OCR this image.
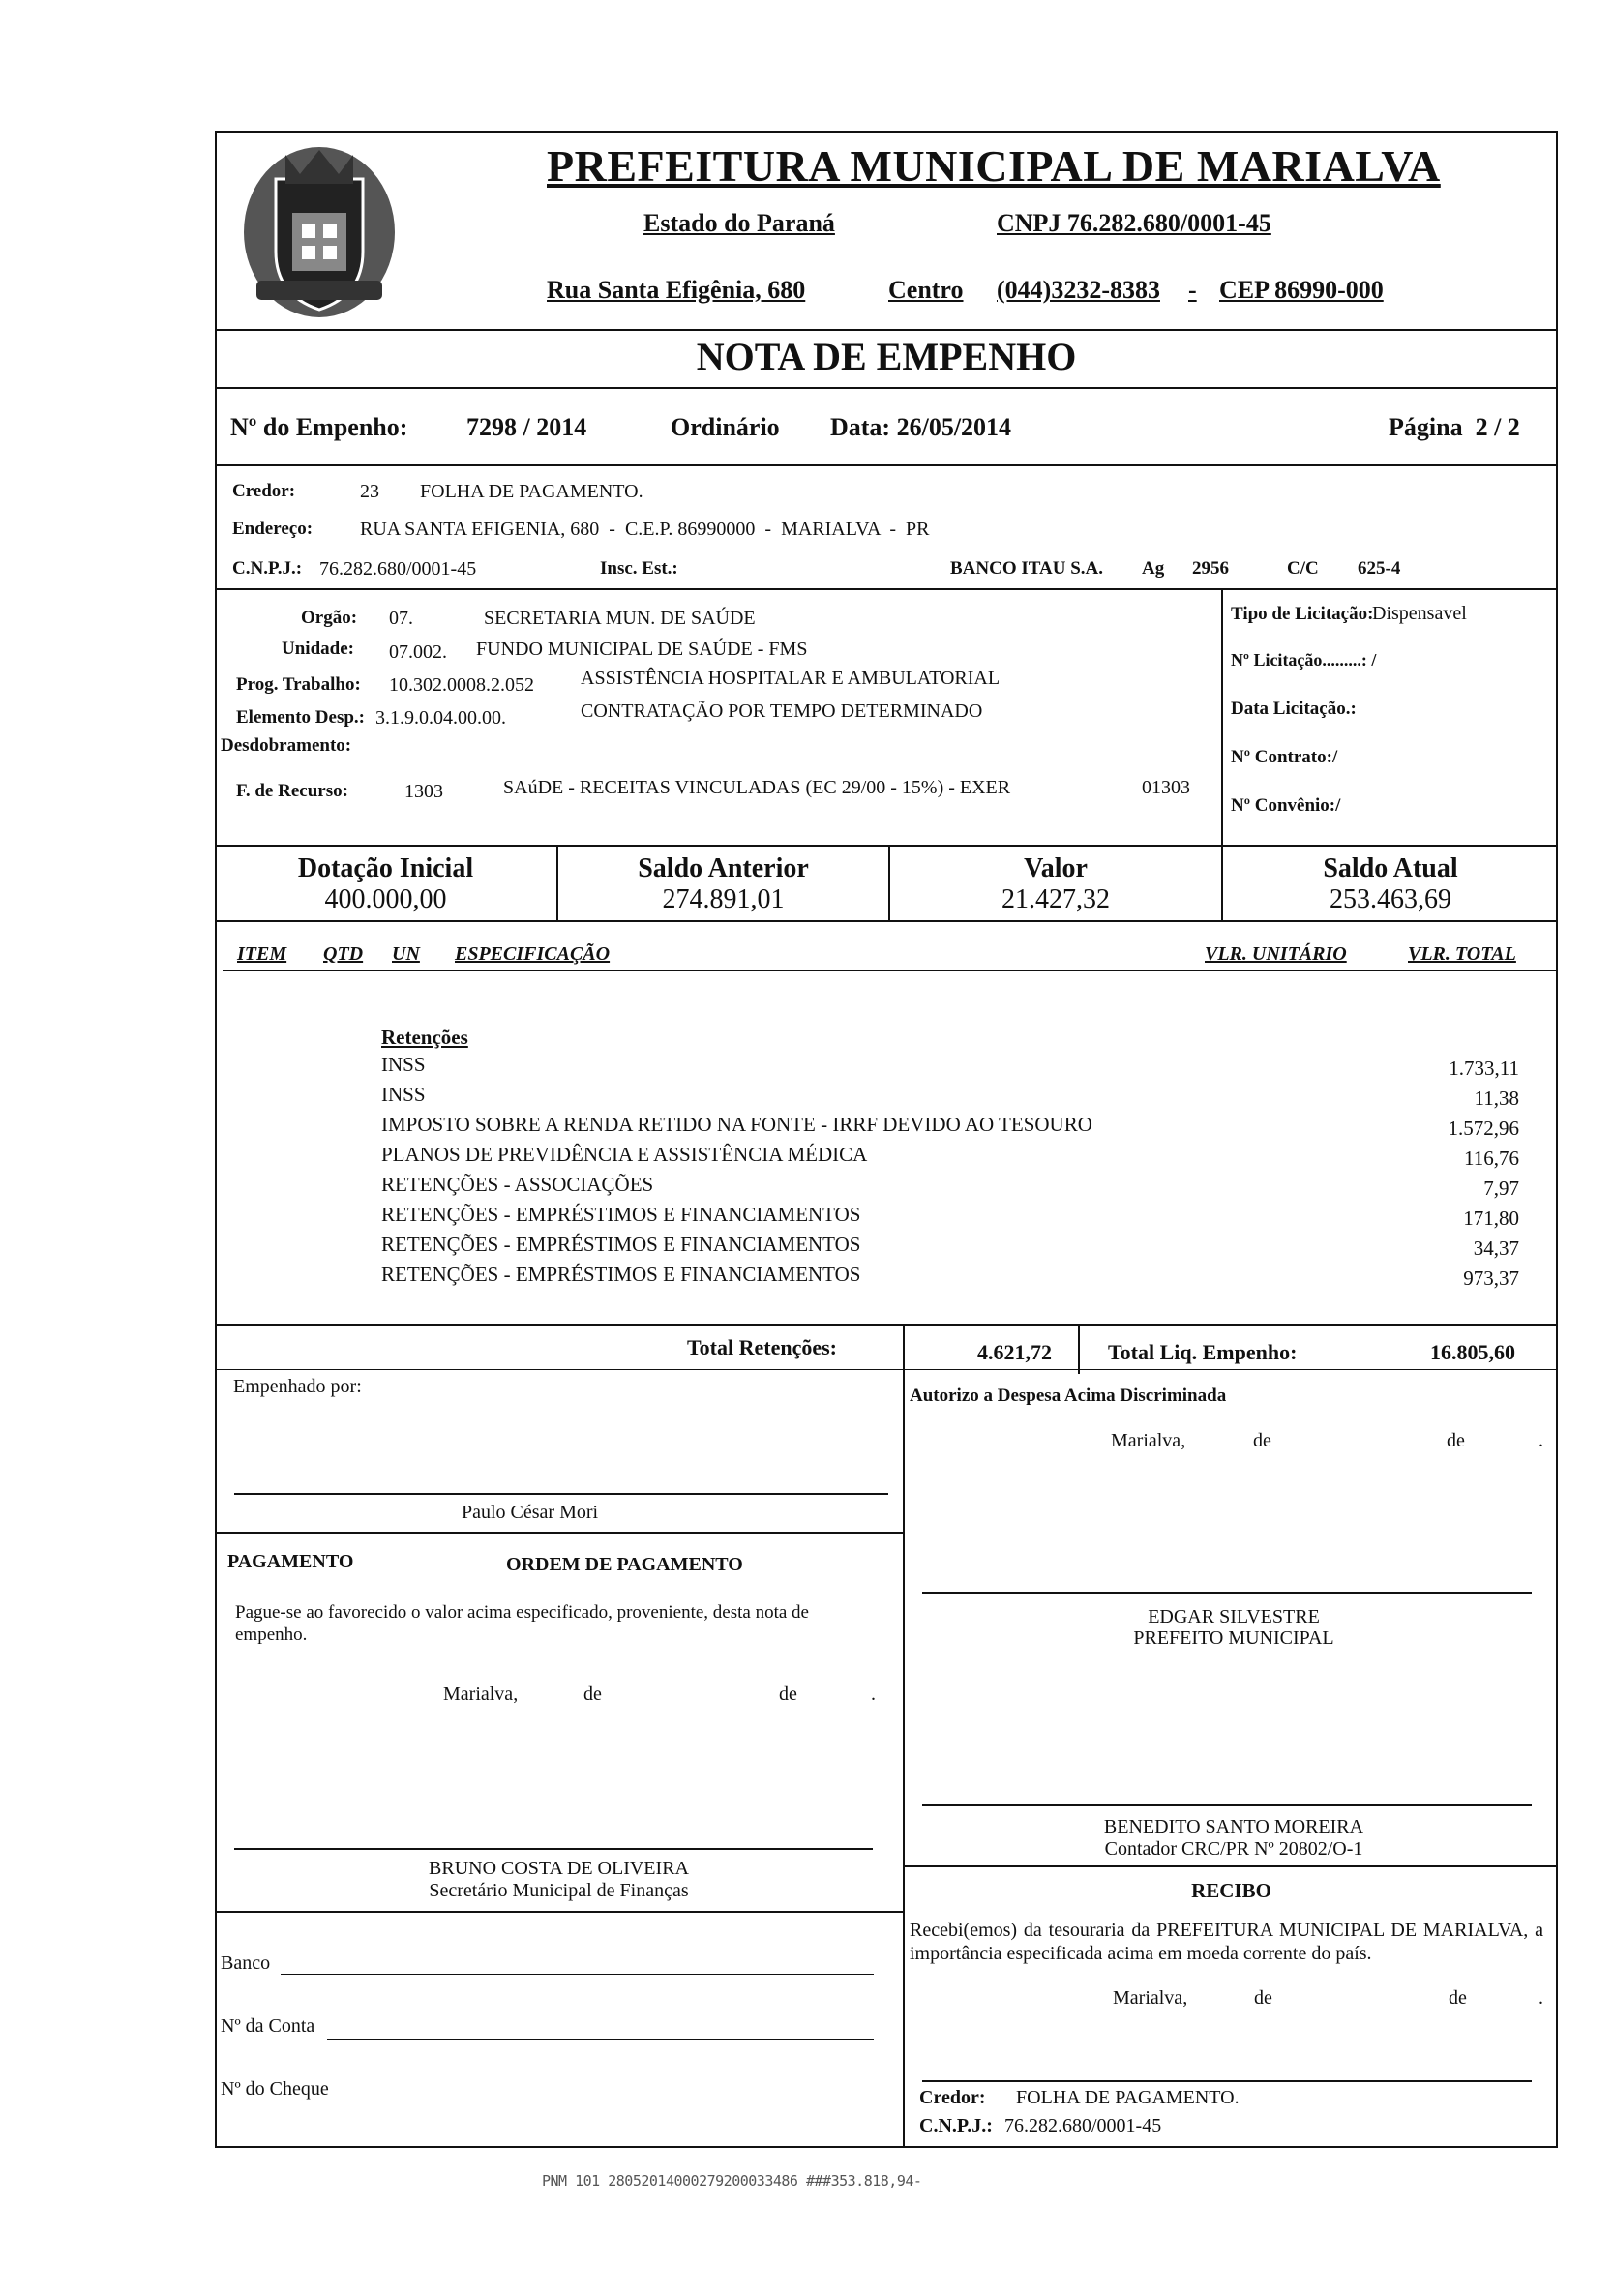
PREFEITURA MUNICIPAL DE MARIALVA
Estado do Paraná	CNPJ 76.282.680/0001-45
Rua Santa Efigênia, 680	Centro (044)3232-8383 - CEP 86990-000
NOTA DE EMPENHO
Nº do Empenho: 7298 / 2014	Ordinário Data: 26/05/2014	Página  2 / 2
Credor:	23 FOLHA DE PAGAMENTO.
Endereço: RUA SANTA EFIGENIA, 680  -  C.E.P. 86990000  -  MARIALVA  -  PR
C.N.P.J.: 76.282.680/0001-45	Insc. Est.:	BANCO ITAU S.A. Ag 2956	C/C 625-4
Orgão: 07.	SECRETARIA MUN. DE SAÚDE
Unidade: 07.002. FUNDO MUNICIPAL DE SAÚDE - FMS
Prog. Trabalho: 10.302.0008.2.052 ASSISTÊNCIA HOSPITALAR E AMBULATORIAL
Elemento Desp.: 3.1.9.0.04.00.00.	CONTRATAÇÃO POR TEMPO DETERMINADO
Desdobramento:
F. de Recurso:	1303	SAúDE - RECEITAS VINCULADAS (EC 29/00 - 15%) - EXER	01303
Tipo de Licitação:
Dispensavel
Nº Licitação.........: /
Data Licitação.:
Nº Contrato:/
Nº Convênio:/
Dotação Inicial
400.000,00
Saldo Anterior
274.891,01
Valor
21.427,32
Saldo Atual
253.463,69
ITEM QTD UN ESPECIFICAÇÃO	VLR. UNITÁRIO	VLR. TOTAL
Retenções
INSS	1.733,11
INSS	11,38
IMPOSTO SOBRE A RENDA RETIDO NA FONTE - IRRF DEVIDO AO TESOURO	1.572,96
PLANOS DE PREVIDÊNCIA E ASSISTÊNCIA MÉDICA	116,76
RETENÇÕES - ASSOCIAÇÕES	7,97
RETENÇÕES - EMPRÉSTIMOS E FINANCIAMENTOS	171,80
RETENÇÕES - EMPRÉSTIMOS E FINANCIAMENTOS	34,37
RETENÇÕES - EMPRÉSTIMOS E FINANCIAMENTOS	973,37
Total Retenções:	4.621,72	Total Liq. Empenho:	16.805,60
Empenhado por:
Paulo César Mori
Autorizo a Despesa Acima Discriminada
Marialva,	de	de	.
EDGAR SILVESTRE
PREFEITO MUNICIPAL
PAGAMENTO	ORDEM DE PAGAMENTO
Pague-se ao favorecido o valor acima especificado, proveniente, desta nota de empenho.
Marialva,	de	de	.
BRUNO COSTA DE OLIVEIRA
Secretário Municipal de Finanças
BENEDITO SANTO MOREIRA
Contador CRC/PR Nº 20802/O-1
RECIBO
Recebi(emos) da tesouraria da PREFEITURA MUNICIPAL DE MARIALVA, a importância especificada acima em moeda corrente do país.
Marialva,	de	de	.
Credor: FOLHA DE PAGAMENTO.
C.N.P.J.: 76.282.680/0001-45
Banco
Nº da Conta
Nº do Cheque
PNM 101 28052014000279200033486 ###353.818,94-
